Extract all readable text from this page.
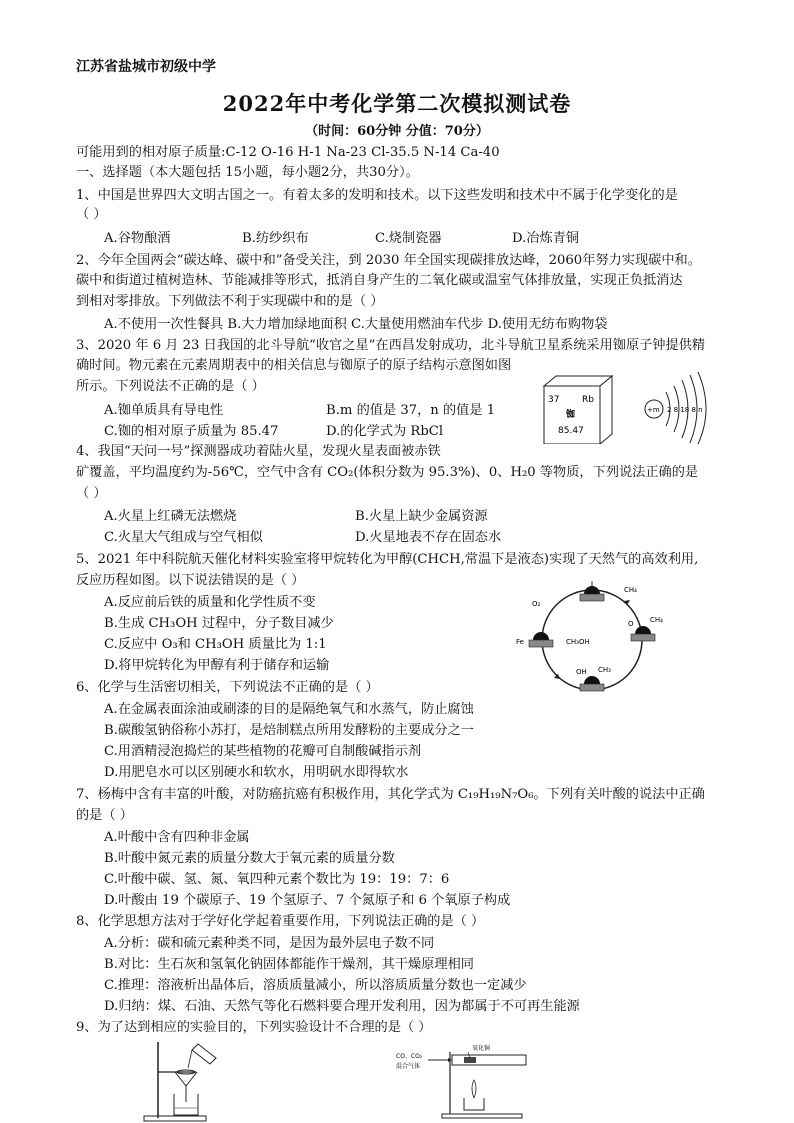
江苏省盐城市初级中学
2022年中考化学第二次模拟测试卷
（时间：60分钟 分值：70分）
可能用到的相对原子质量:C-12 O-16 H-1 Na-23 Cl-35.5 N-14 Ca-40
一、选择题（本大题包括 15小题，每小题2分，共30分）。
1、中国是世界四大文明古国之一。有着太多的发明和技术。以下这些发明和技术中不属于化学变化的是
（ ）
A.谷物酿酒	B.纺纱织布	C.烧制瓷器	D.冶炼青铜
2、今年全国两会“碳达峰、碳中和”备受关注，到 2030 年全国实现碳排放达峰，2060年努力实现碳中和。
碳中和街道过植树造林、节能减排等形式，抵消自身产生的二氧化碳或温室气体排放量，实现正负抵消达
到相对零排放。下列做法不利于实现碳中和的是（ ）
A.不使用一次性餐具 B.大力增加绿地面积 C.大量使用燃油车代步 D.使用无纺布购物袋
3、2020 年 6 月 23 日我国的北斗导航“收官之星”在西昌发射成功，北斗导航卫星系统采用铷原子钟提供精
确时间。物元素在元素周期表中的相关信息与铷原子的原子结构示意图如图
所示。下列说法不正确的是（ ）
A.铷单质具有导电性	B.m 的值是 37，n 的值是 1
C.铷的相对原子质量为 85.47	D.的化学式为 RbCl
37	Rb
铷
85.47
+m 2 8 18 8 n
4、我国“天问一号”探测器成功着陆火星，发现火星表面被赤铁
矿覆盖，平均温度约为-56℃，空气中含有 CO₂(体积分数为 95.3%)、0、H₂0 等物质，下列说法正确的是
（ ）
A.火星上红磷无法燃烧	B.火星上缺少金属资源
C.火星大气组成与空气相似	D.火星地表不存在固态水
5、2021 年中科院航天催化材料实验室将甲烷转化为甲醇(CHCH,常温下是液态)实现了天然气的高效利用,
反应历程如图。以下说法错误的是（ ）
A.反应前后铁的质量和化学性质不变
B.生成 CH₃OH 过程中，分子数目减少
C.反应中 O₃和 CH₃OH 质量比为 1:1
D.将甲烷转化为甲醇有利于储存和运输
O₂
CH₄
CH₄
O
Fe	CH₃OH
OH CH₃
6、化学与生活密切相关，下列说法不正确的是（ ）
A.在金属表面涂油或刷漆的目的是隔绝氧气和水蒸气，防止腐蚀
B.碳酸氢钠俗称小苏打，是焙制糕点所用发酵粉的主要成分之一
C.用酒精浸泡捣烂的某些植物的花瓣可自制酸碱指示剂
D.用肥皂水可以区别硬水和软水，用明矾水即得软水
7、杨梅中含有丰富的叶酸，对防癌抗癌有积极作用，其化学式为 C₁₉H₁₉N₇O₆。下列有关叶酸的说法中正确
的是（ ）
A.叶酸中含有四种非金属
B.叶酸中氮元素的质量分数大于氧元素的质量分数
C.叶酸中碳、氢、氮、氧四种元素个数比为 19：19：7：6
D.叶酸由 19 个碳原子、19 个氢原子、7 个氮原子和 6 个氧原子构成
8、化学思想方法对于学好化学起着重要作用，下列说法正确的是（ ）
A.分析：碳和硫元素种类不同，是因为最外层电子数不同
B.对比：生石灰和氢氧化钠固体都能作干燥剂，其干燥原理相同
C.推理：溶液析出晶体后，溶质质量减小，所以溶质质量分数也一定减少
D.归纳：煤、石油、天然气等化石燃料要合理开发利用，因为都属于不可再生能源
9、为了达到相应的实验目的，下列实验设计不合理的是（ ）
CO、CO₂
混合气体
氧化铜
